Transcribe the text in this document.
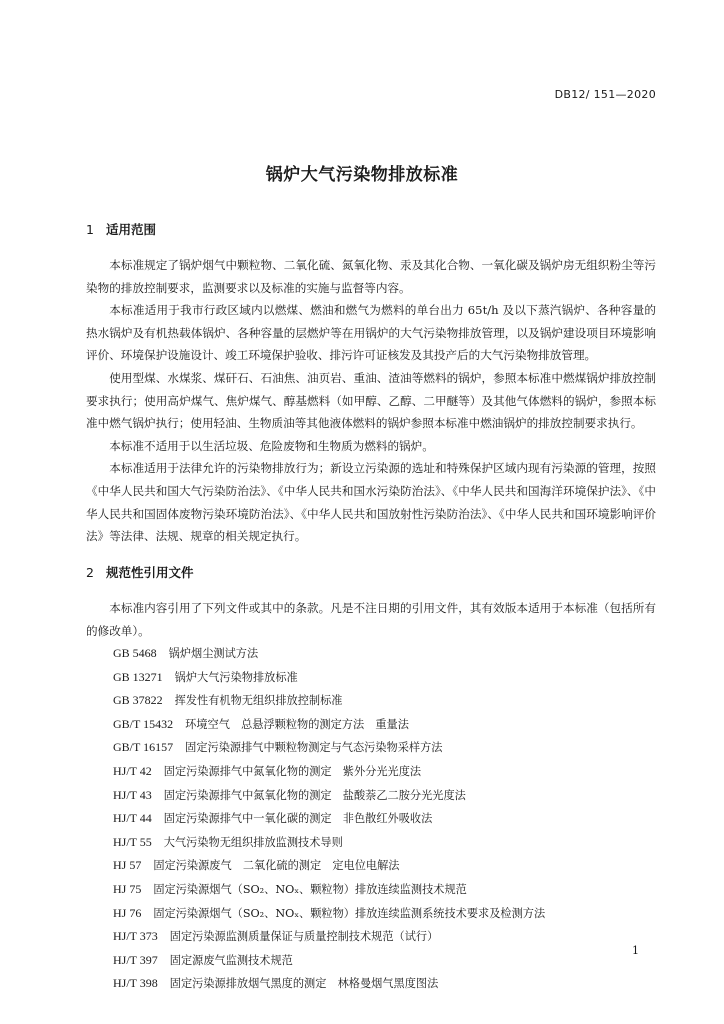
DB12/ 151—2020
锅炉大气污染物排放标准
1 适用范围

本标准规定了锅炉烟气中颗粒物、二氧化硫、氮氧化物、汞及其化合物、一氧化碳及锅炉房无组织粉尘等污染物的排放控制要求，监测要求以及标准的实施与监督等内容。

本标准适用于我市行政区域内以燃煤、燃油和燃气为燃料的单台出力 65t/h 及以下蒸汽锅炉、各种容量的热水锅炉及有机热载体锅炉、各种容量的层燃炉等在用锅炉的大气污染物排放管理，以及锅炉建设项目环境影响评价、环境保护设施设计、竣工环境保护验收、排污许可证核发及其投产后的大气污染物排放管理。

使用型煤、水煤浆、煤矸石、石油焦、油页岩、重油、渣油等燃料的锅炉，参照本标准中燃煤锅炉排放控制要求执行；使用高炉煤气、焦炉煤气、醇基燃料（如甲醇、乙醇、二甲醚等）及其他气体燃料的锅炉，参照本标准中燃气锅炉执行；使用轻油、生物质油等其他液体燃料的锅炉参照本标准中燃油锅炉的排放控制要求执行。

本标准不适用于以生活垃圾、危险废物和生物质为燃料的锅炉。

本标准适用于法律允许的污染物排放行为；新设立污染源的选址和特殊保护区域内现有污染源的管理，按照《中华人民共和国大气污染防治法》、《中华人民共和国水污染防治法》、《中华人民共和国海洋环境保护法》、《中华人民共和国固体废物污染环境防治法》、《中华人民共和国放射性污染防治法》、《中华人民共和国环境影响评价法》等法律、法规、规章的相关规定执行。

2 规范性引用文件

本标准内容引用了下列文件或其中的条款。凡是不注日期的引用文件，其有效版本适用于本标准（包括所有的修改单）。

GB 5468 锅炉烟尘测试方法
GB 13271 锅炉大气污染物排放标准
GB 37822 挥发性有机物无组织排放控制标准
GB/T 15432 环境空气　总悬浮颗粒物的测定方法　重量法
GB/T 16157 固定污染源排气中颗粒物测定与气态污染物采样方法
HJ/T 42 固定污染源排气中氮氧化物的测定　紫外分光光度法
HJ/T 43 固定污染源排气中氮氧化物的测定　盐酸萘乙二胺分光光度法
HJ/T 44 固定污染源排气中一氧化碳的测定　非色散红外吸收法
HJ/T 55 大气污染物无组织排放监测技术导则
HJ 57 固定污染源废气　二氧化硫的测定　定电位电解法
HJ 75 固定污染源烟气（SO₂、NOₓ、颗粒物）排放连续监测技术规范
HJ 76 固定污染源烟气（SO₂、NOₓ、颗粒物）排放连续监测系统技术要求及检测方法
HJ/T 373 固定污染源监测质量保证与质量控制技术规范（试行）
HJ/T 397 固定源废气监测技术规范
HJ/T 398 固定污染源排放烟气黑度的测定　林格曼烟气黑度图法
1
